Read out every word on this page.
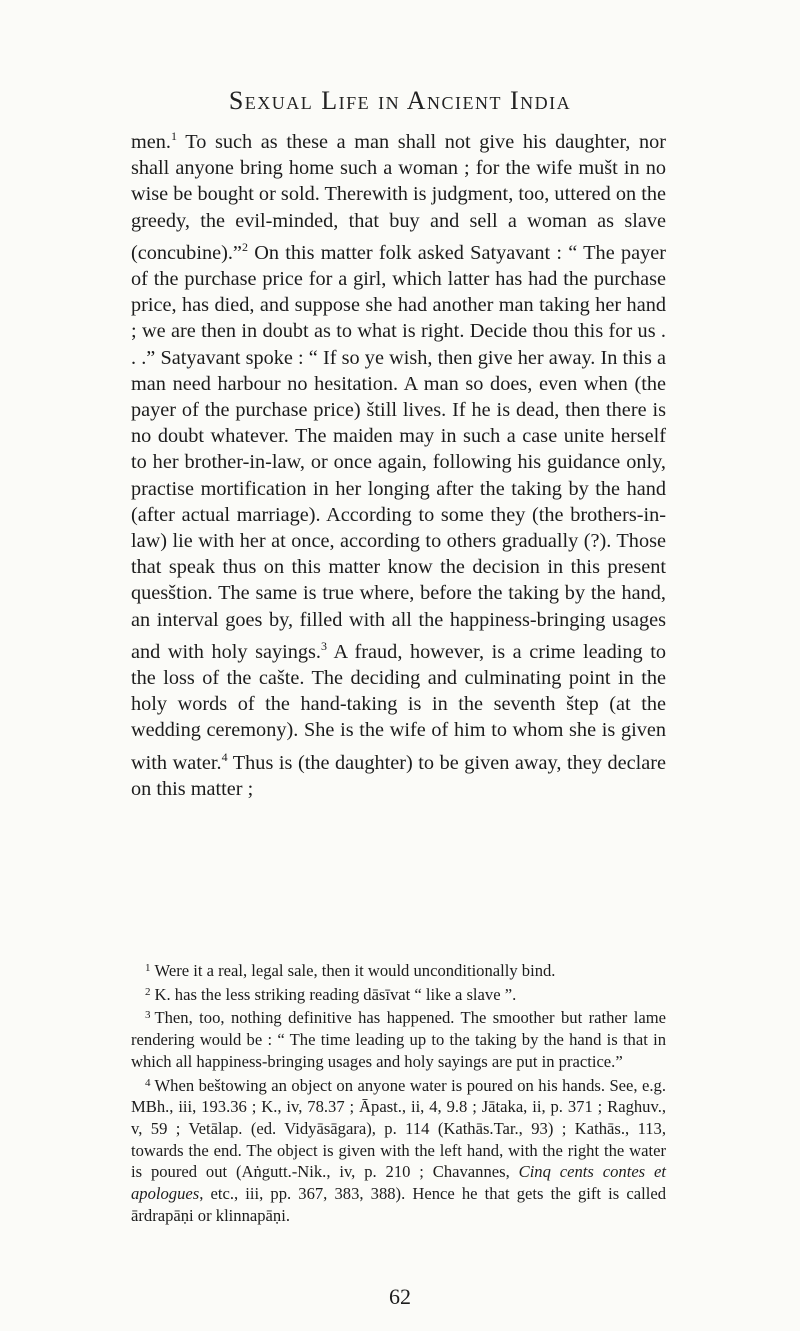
Sexual Life in Ancient India

men.$^1$ To such as these a man shall not give his daughter, nor shall anyone bring home such a woman ; for the wife mušt in no wise be bought or sold. Therewith is judgment, too, uttered on the greedy, the evil-minded, that buy and sell a woman as slave (concubine).”$^2$ On this matter folk asked Satyavant : “ The payer of the purchase price for a girl, which latter has had the purchase price, has died, and suppose she had another man taking her hand ; we are then in doubt as to what is right. Decide thou this for us . . .” Satyavant spoke : “ If so ye wish, then give her away. In this a man need harbour no hesitation. A man so does, even when (the payer of the purchase price) štill lives. If he is dead, then there is no doubt whatever. The maiden may in such a case unite herself to her brother-in-law, or once again, following his guidance only, practise mortification in her longing after the taking by the hand (after actual marriage). According to some they (the brothers-in-law) lie with her at once, according to others gradually (?). Those that speak thus on this matter know the decision in this present quesštion. The same is true where, before the taking by the hand, an interval goes by, filled with all the happiness-bringing usages and with holy sayings.$^3$ A fraud, however, is a crime leading to the loss of the cašte. The deciding and culminating point in the holy words of the hand-taking is in the seventh štep (at the wedding ceremony). She is the wife of him to whom she is given with water.$^4$ Thus is (the daughter) to be given away, they declare on this matter ;

$^1$ Were it a real, legal sale, then it would unconditionally bind.

$^2$ K. has the less striking reading dāsīvat “ like a slave ”.

$^3$ Then, too, nothing definitive has happened. The smoother but rather lame rendering would be : “ The time leading up to the taking by the hand is that in which all happiness-bringing usages and holy sayings are put in practice.”

$^4$ When beštowing an object on anyone water is poured on his hands. See, e.g. MBh., iii, 193.36 ; K., iv, 78.37 ; Āpast., ii, 4, 9.8 ; Jātaka, ii, p. 371 ; Raghuv., v, 59 ; Vetālap. (ed. Vidyāsāgara), p. 114 (Kathās.Tar., 93) ; Kathās., 113, towards the end. The object is given with the left hand, with the right the water is poured out (Aṅgutt.-Nik., iv, p. 210 ; Chavannes, Cinq cents contes et apologues, etc., iii, pp. 367, 383, 388). Hence he that gets the gift is called ārdrapāṇi or klinnapāṇi.

62
